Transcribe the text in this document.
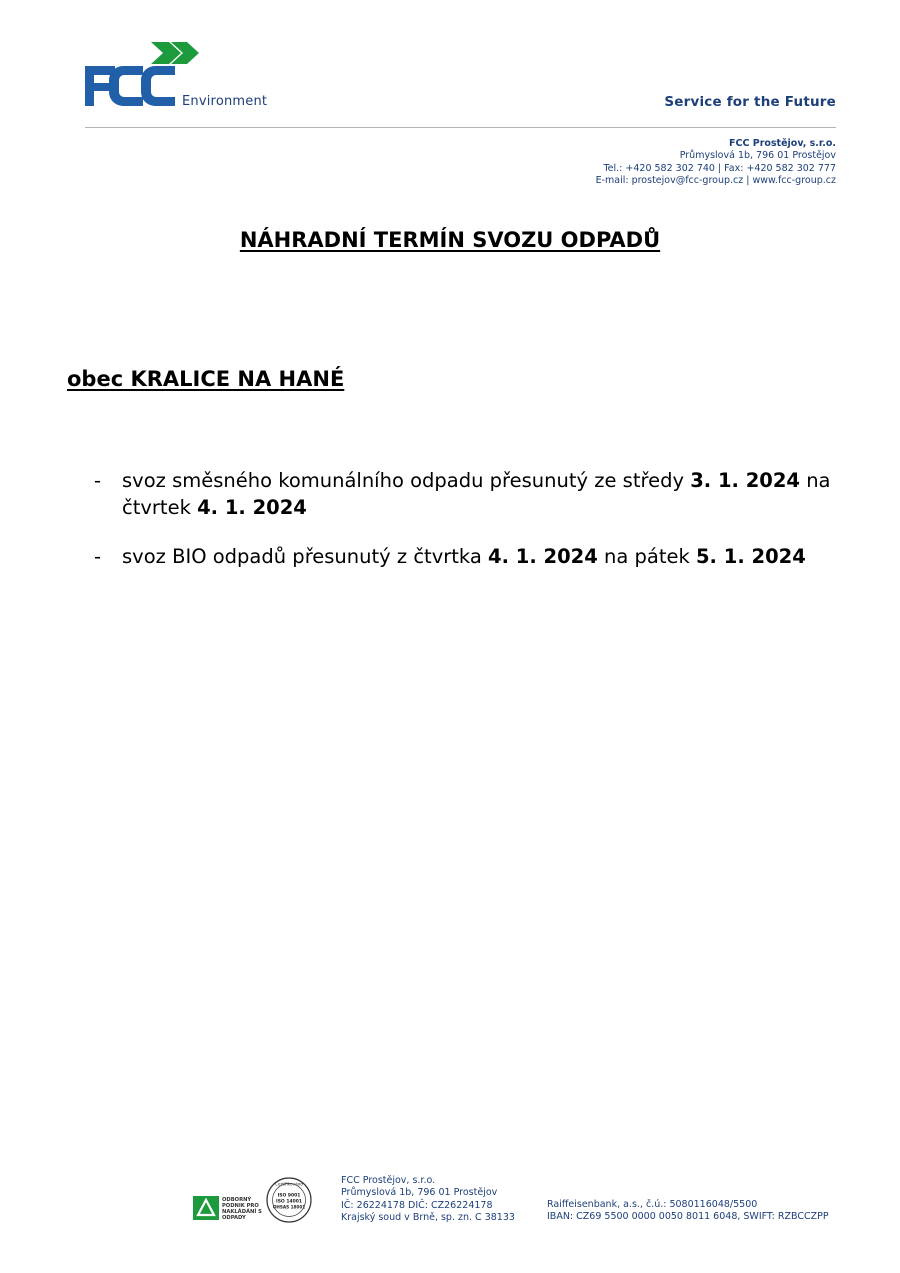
Environment	Service for the Future
FCC Prostějov, s.r.o.
Průmyslová 1b, 796 01 Prostějov
Tel.: +420 582 302 740 | Fax: +420 582 302 777
E-mail: prostejov@fcc-group.cz | www.fcc-group.cz
NÁHRADNÍ TERMÍN SVOZU ODPADŮ
obec KRALICE NA HANÉ
- svoz směsného komunálního odpadu přesunutý ze středy 3. 1. 2024 na čtvrtek 4. 1. 2024
- svoz BIO odpadů přesunutý z čtvrtka 4. 1. 2024 na pátek 5. 1. 2024
ODBORNÝ PODNIK PRO NAKLÁDÁNÍ S ODPADY
Certifikováno
ISO 9001
ISO 14001
OHSAS 18001
FCC Prostějov, s.r.o.
Průmyslová 1b, 796 01 Prostějov
IČ: 26224178 DIČ: CZ26224178
Krajský soud v Brně, sp. zn. C 38133
Raiffeisenbank, a.s., č.ú.: 5080116048/5500
IBAN: CZ69 5500 0000 0050 8011 6048, SWIFT: RZBCCZPP
